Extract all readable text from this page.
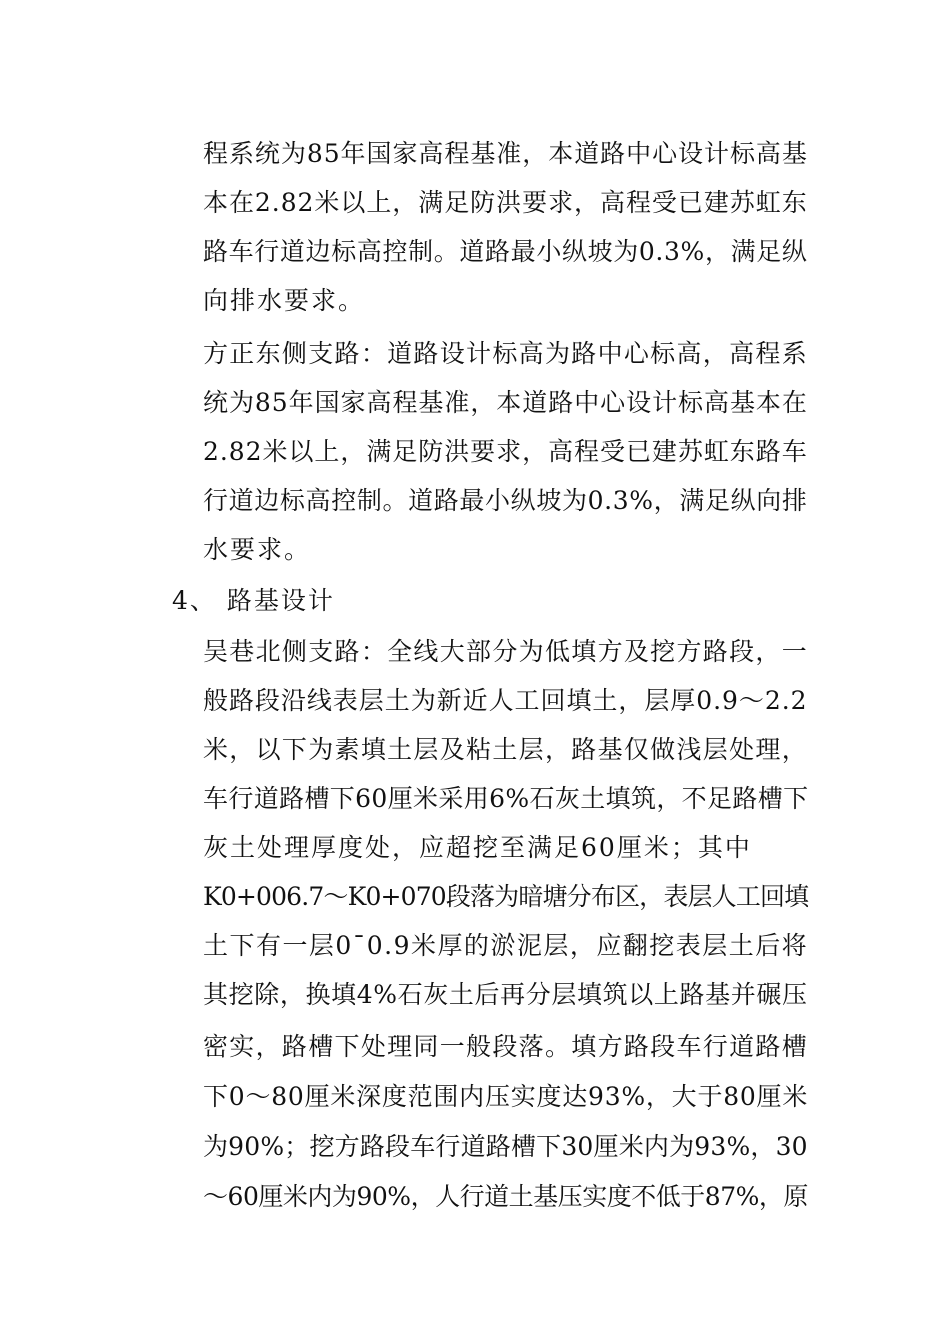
程系统为85年国家高程基准，本道路中心设计标高基
本在2.82米以上，满足防洪要求，高程受已建苏虹东
路车行道边标高控制。道路最小纵坡为0.3%，满足纵
向排水要求。
方正东侧支路：道路设计标高为路中心标高，高程系
统为85年国家高程基准，本道路中心设计标高基本在
2.82米以上，满足防洪要求，高程受已建苏虹东路车
行道边标高控制。道路最小纵坡为0.3%，满足纵向排
水要求。
4、 路基设计
吴巷北侧支路：全线大部分为低填方及挖方路段，一
般路段沿线表层土为新近人工回填土，层厚0.9～2.2
米，以下为素填土层及粘土层，路基仅做浅层处理，
车行道路槽下60厘米采用6%石灰土填筑，不足路槽下
灰土处理厚度处，应超挖至满足60厘米；其中
K0+006.7～K0+070段落为暗塘分布区，表层人工回填
土下有一层0¯0.9米厚的淤泥层，应翻挖表层土后将
其挖除，换填4%石灰土后再分层填筑以上路基并碾压
密实，路槽下处理同一般段落。填方路段车行道路槽
下0～80厘米深度范围内压实度达93%，大于80厘米
为90%；挖方路段车行道路槽下30厘米内为93%，30
～60厘米内为90%，人行道土基压实度不低于87%，原
